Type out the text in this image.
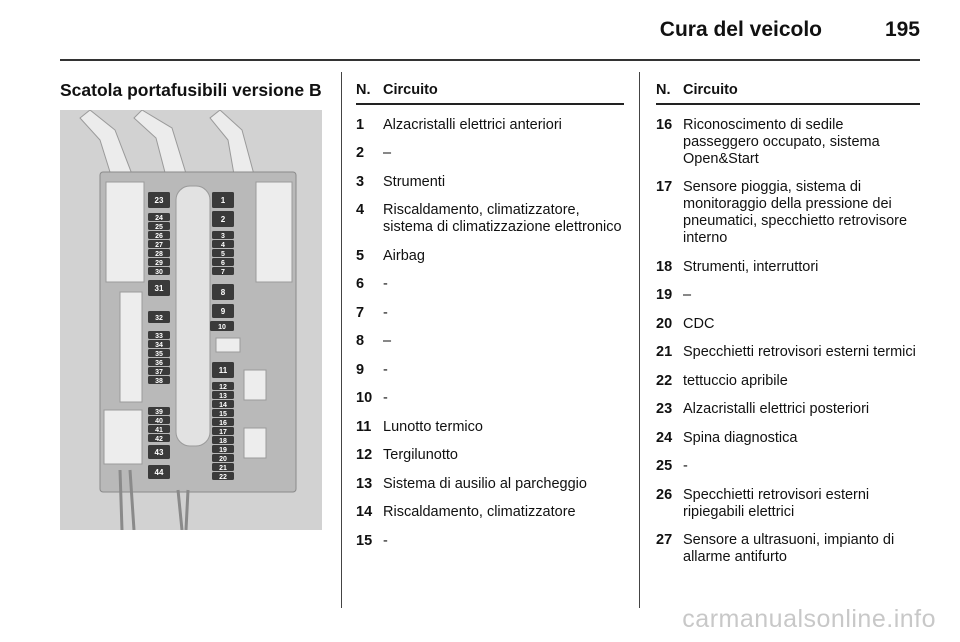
Cura del veicolo	195
Scatola portafusibili versione B
23
24
25
26
27
28
29
30
31
32
33
34
35
36
37
38
39
40
41
42
43
44
1
2
3
4
5
6
7
8
9
10
11
12
13
14
15
16
17
18
19
20
21
22
N. Circuito
1	Alzacristalli elettrici anteriori
2	–
3	Strumenti
4	Riscaldamento, climatizzatore, sistema di climatizzazione elettronico
5	Airbag
6	-
7	-
8	–
9	-
10 -
11 Lunotto termico
12 Tergilunotto
13 Sistema di ausilio al parcheggio
14 Riscaldamento, climatizzatore
15 -
N. Circuito
16 Riconoscimento di sedile passeggero occupato, sistema Open&Start
17 Sensore pioggia, sistema di monitoraggio della pressione dei pneumatici, specchietto retrovisore interno
18 Strumenti, interruttori
19 –
20 CDC
21 Specchietti retrovisori esterni termici
22 tettuccio apribile
23 Alzacristalli elettrici posteriori
24 Spina diagnostica
25 -
26 Specchietti retrovisori esterni ripiegabili elettrici
27 Sensore a ultrasuoni, impianto di allarme antifurto
carmanualsonline.info
